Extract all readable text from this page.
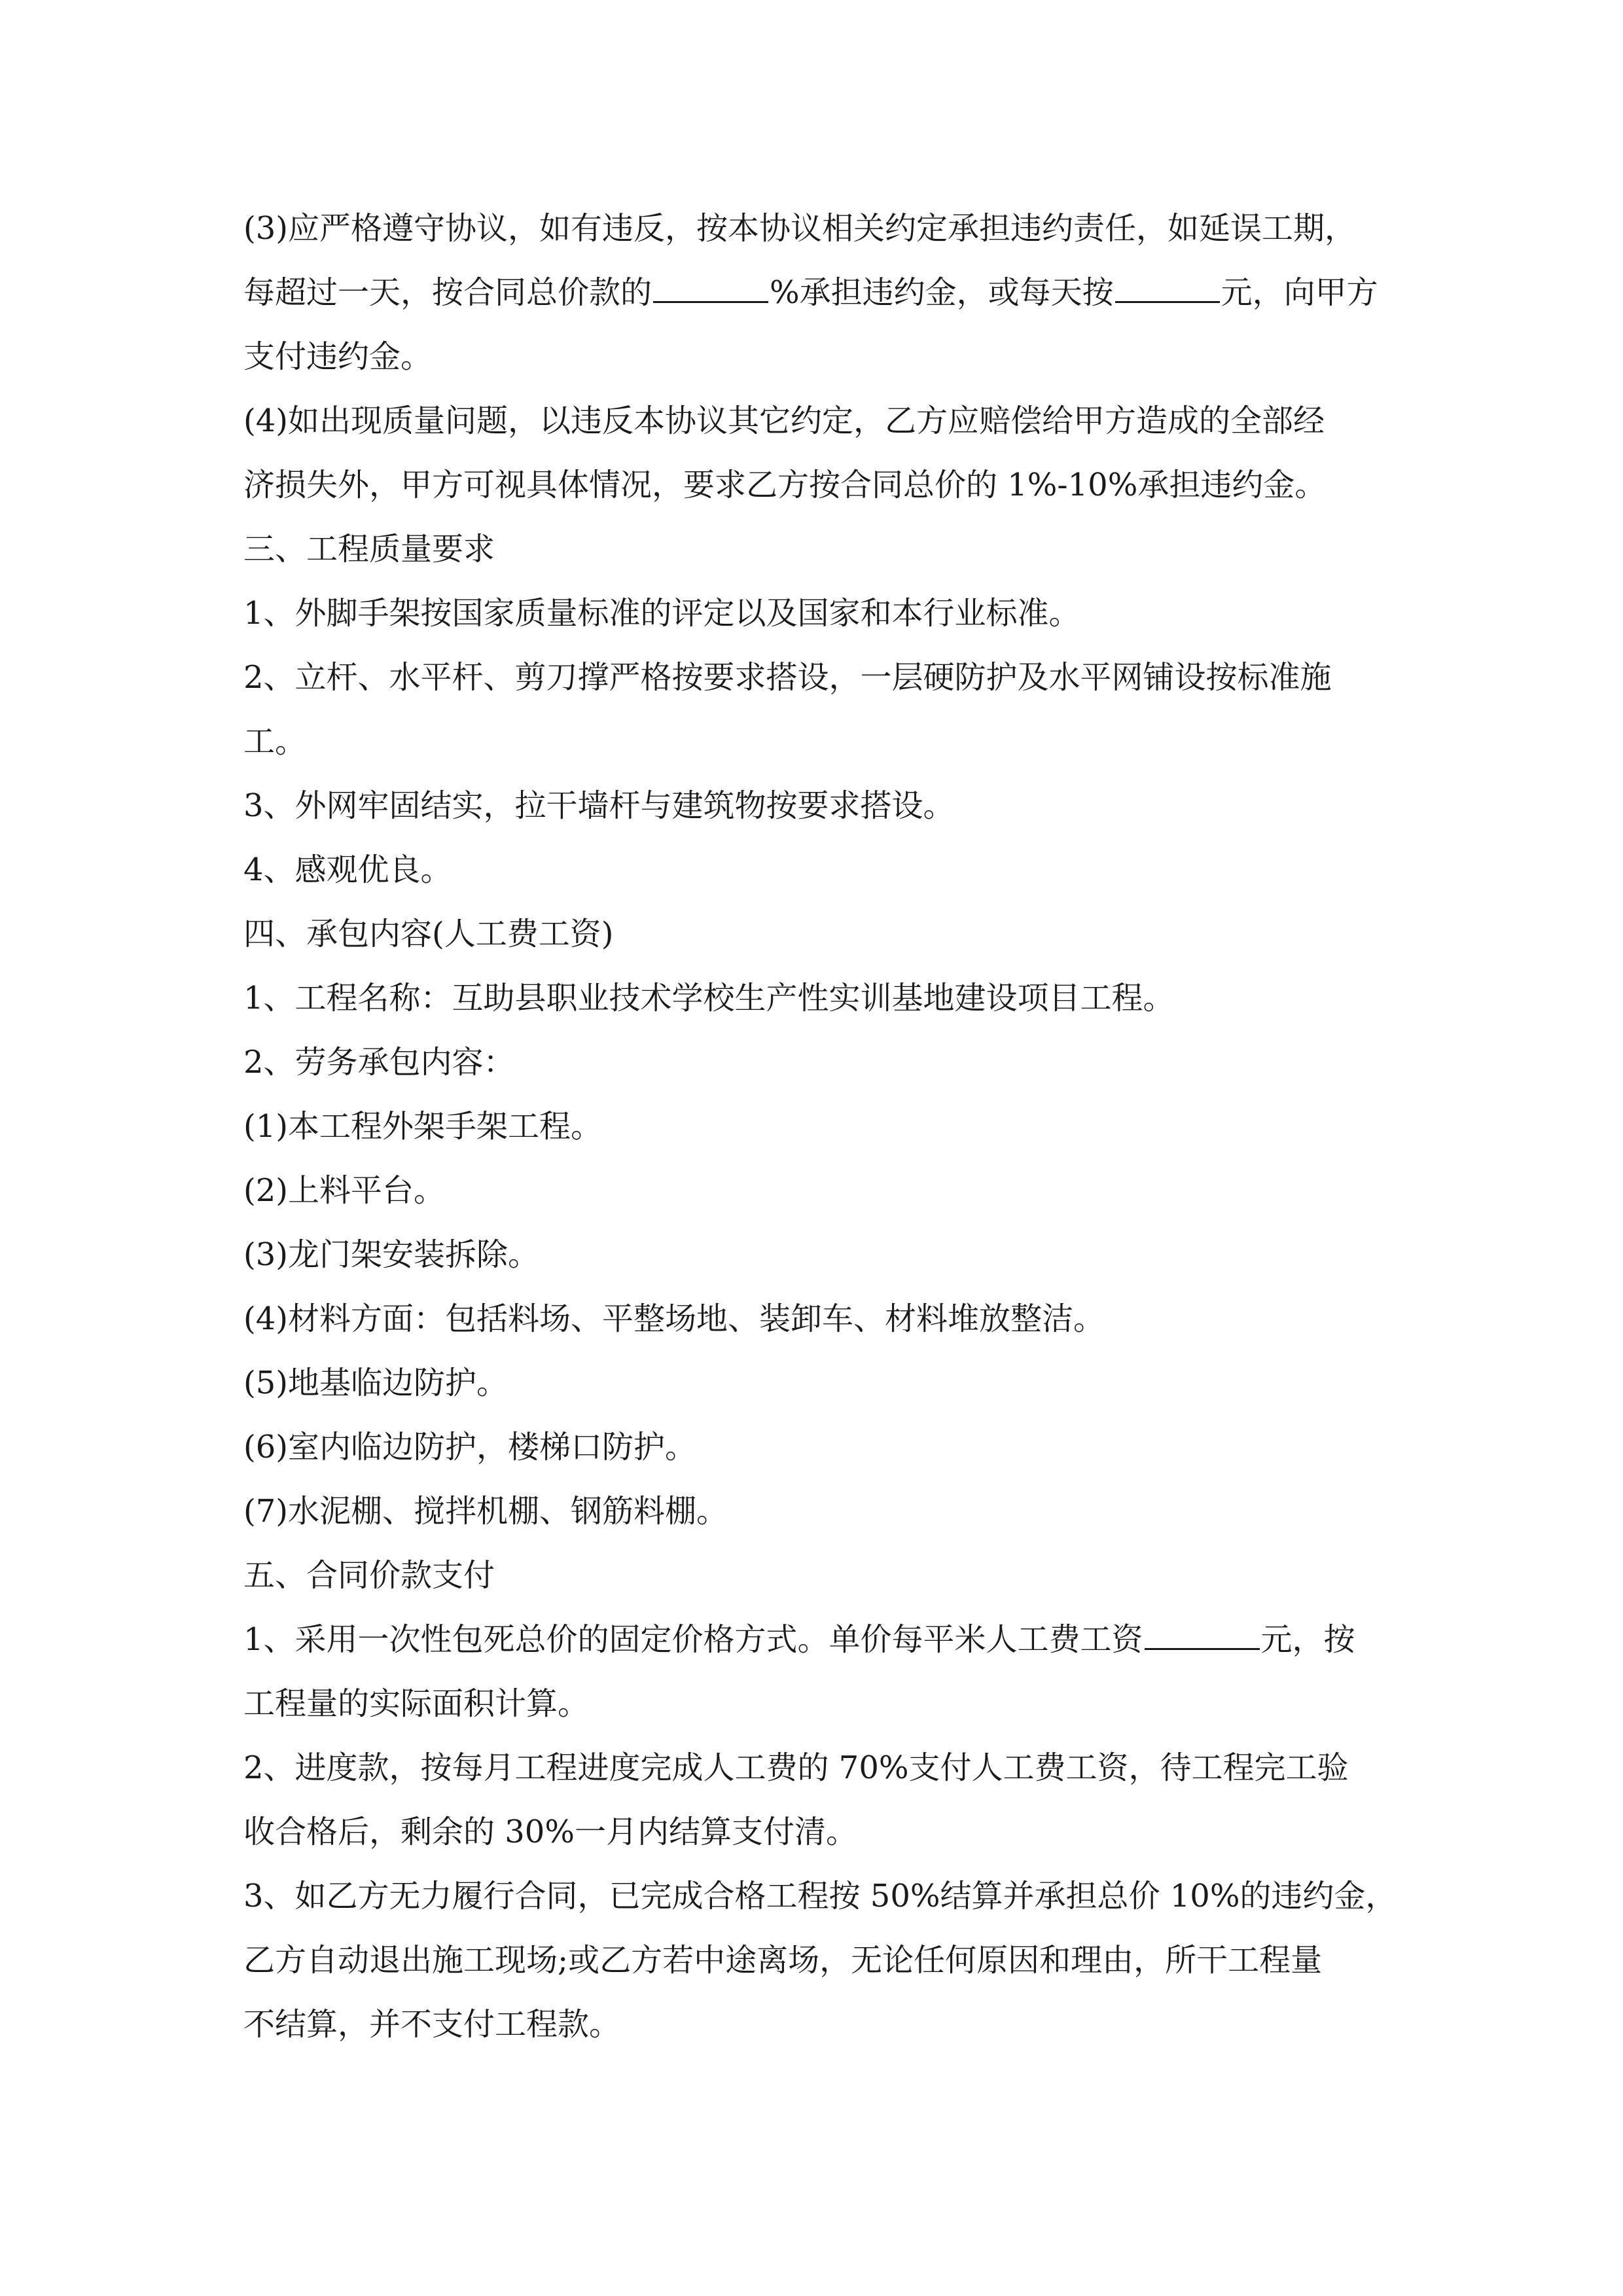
(3)应严格遵守协议，如有违反，按本协议相关约定承担违约责任，如延误工期，
每超过一天，按合同总价款的	%承担违约金，或每天按	元，向甲方
支付违约金。
(4)如出现质量问题，以违反本协议其它约定，乙方应赔偿给甲方造成的全部经
济损失外，甲方可视具体情况，要求乙方按合同总价的 1%-10%承担违约金。
三、工程质量要求
1、外脚手架按国家质量标准的评定以及国家和本行业标准。
2、立杆、水平杆、剪刀撑严格按要求搭设，一层硬防护及水平网铺设按标准施
工。
3、外网牢固结实，拉干墙杆与建筑物按要求搭设。
4、感观优良。
四、承包内容(人工费工资)
1、工程名称：互助县职业技术学校生产性实训基地建设项目工程。
2、劳务承包内容：
(1)本工程外架手架工程。
(2)上料平台。
(3)龙门架安装拆除。
(4)材料方面：包括料场、平整场地、装卸车、材料堆放整洁。
(5)地基临边防护。
(6)室内临边防护，楼梯口防护。
(7)水泥棚、搅拌机棚、钢筋料棚。
五、合同价款支付
1、采用一次性包死总价的固定价格方式。单价每平米人工费工资	元，按
工程量的实际面积计算。
2、进度款，按每月工程进度完成人工费的 70%支付人工费工资，待工程完工验
收合格后，剩余的 30%一月内结算支付清。
3、如乙方无力履行合同，已完成合格工程按 50%结算并承担总价 10%的违约金，
乙方自动退出施工现场;或乙方若中途离场，无论任何原因和理由，所干工程量
不结算，并不支付工程款。
